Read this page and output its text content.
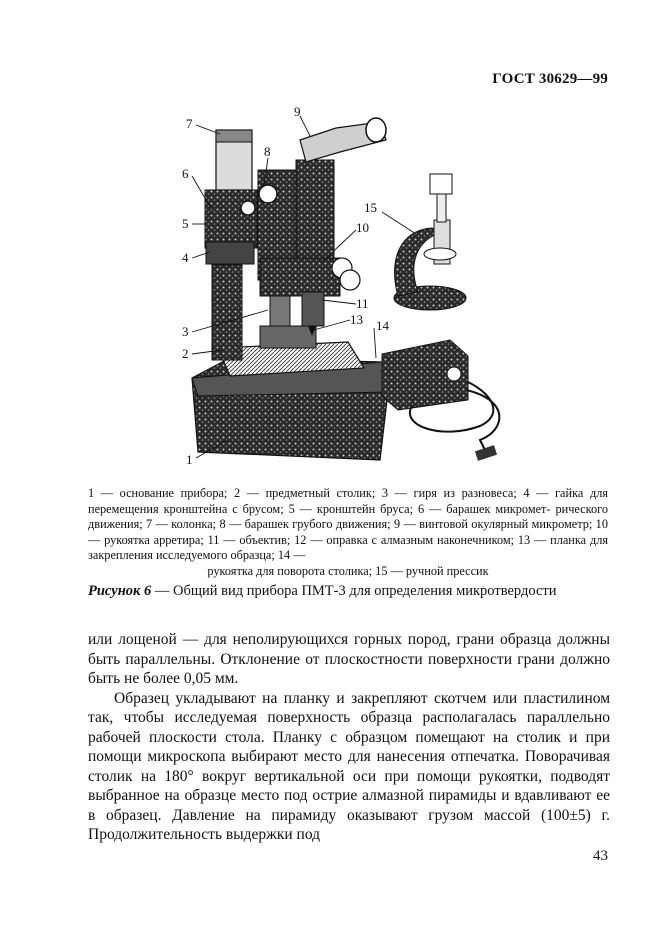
ГОСТ 30629—99
7
9
8
6
15
5	10
4
11
13
3	14
2
1
1 — основание прибора; 2 — предметный столик; 3 — гиря из разновеса; 4 — гайка для перемещения кронштейна с брусом; 5 — кронштейн бруса; 6 — барашек микромет- рического движения; 7 — колонка; 8 — барашек грубого движения; 9 — винтовой окулярный микрометр; 10 — рукоятка арретира; 11 — объектив; 12 — оправка с алмазным наконечником; 13 — планка для закрепления исследуемого образца; 14 —
рукоятка для поворота столика; 15 — ручной прессик
Рисунок 6 — Общий вид прибора ПМТ-3 для определения микротвердости

или лощеной — для неполирующихся горных пород, грани образца должны быть параллельны. Отклонение от плоскостности поверхности грани должно быть не более 0,05 мм.

Образец укладывают на планку и закрепляют скотчем или пластилином так, чтобы исследуемая поверхность образца располагалась параллельно рабочей плоскости стола. Планку с образцом помещают на столик и при помощи микроскопа выбирают место для нанесения отпечатка. Поворачивая столик на 180° вокруг вертикальной оси при помощи рукоятки, подводят выбранное на образце место под острие алмазной пирамиды и вдавливают ее в образец. Давление на пирамиду оказывают грузом массой (100±5) г. Продолжительность выдержки под

43
